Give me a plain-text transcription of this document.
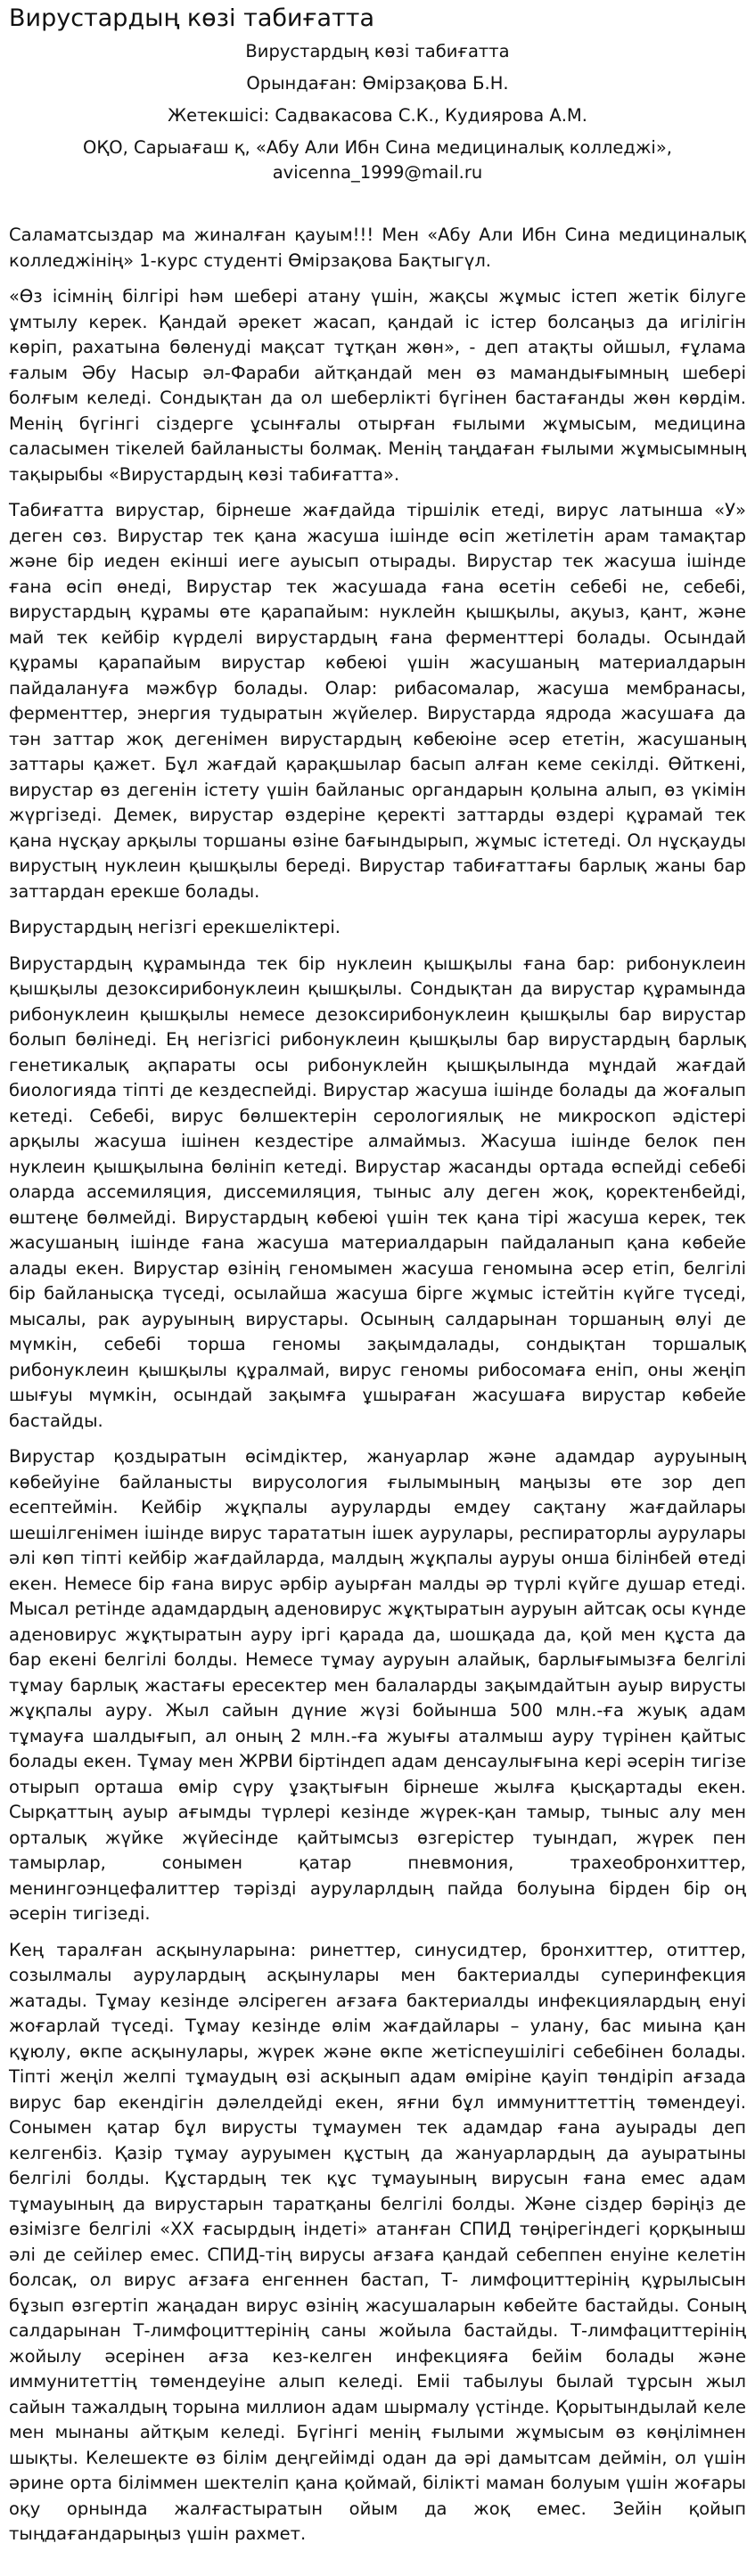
Вирустардың көзі табиғатта
Вирустардың көзі табиғатта
Орындаған: Өмірзақова Б.Н.
Жетекшісі: Садвакасова С.К., Кудиярова А.М.
ОҚО, Сарыағаш қ, «Абу Али Ибн Сина медициналық колледжі»,
avicenna_1999@mail.ru

Саламатсыздар ма жиналған қауым!!! Мен «Абу Али Ибн Сина медициналық колледжінің» 1-курс студенті Өмірзақова Бақтыгүл.

«Өз ісімнің білгірі һәм шебері атану үшін, жақсы жұмыс істеп жетік білуге ұмтылу керек. Қандай әрекет жасап, қандай іс істер болсаңыз да игілігін көріп, рахатына бөленуді мақсат тұтқан жөн», - деп атақты ойшыл, ғұлама ғалым Әбу Насыр әл-Фараби айтқандай мен өз мамандығымның шебері болғым келеді. Сондықтан да ол шеберлікті бүгінен бастағанды жөн көрдім. Менің бүгінгі сіздерге ұсынғалы отырған ғылыми жұмысым, медицина саласымен тікелей байланысты болмақ. Менің таңдаған ғылыми жұмысымның тақырыбы «Вирустардың көзі табиғатта».

Табиғатта вирустар, бірнеше жағдайда тіршілік етеді, вирус латынша «У» деген сөз. Вирустар тек қана жасуша ішінде өсіп жетілетін арам тамақтар және бір иеден екінші иеге ауысып отырады. Вирустар тек жасуша ішінде ғана өсіп өнеді, Вирустар тек жасушада ғана өсетін себебі не, себебі, вирустардың құрамы өте қарапайым: нуклейн қышқылы, ақуыз, қант, және май тек кейбір күрделі вирустардың ғана ферменттері болады. Осындай құрамы қарапайым вирустар көбеюі үшін жасушаның материалдарын пайдалануға мәжбүр болады. Олар: рибасомалар, жасуша мембранасы, ферменттер, энергия тудыратын жүйелер. Вирустарда ядрода жасушаға да тән заттар жоқ дегенімен вирустардың көбеюіне әсер ететін, жасушаның заттары қажет. Бұл жағдай қарақшылар басып алған кеме секілді. Өйткені, вирустар өз дегенін істету үшін байланыс органдарын қолына алып, өз үкімін жүргізеді. Демек, вирустар өздеріне қеректі заттарды өздері құрамай тек қана нұсқау арқылы торшаны өзіне бағындырып, жұмыс істетеді. Ол нұсқауды вирустың нуклеин қышқылы береді. Вирустар табиғаттағы барлық жаны бар заттардан ерекше болады.

Вирустардың негізгі ерекшеліктері.

Вирустардың құрамында тек бір нуклеин қышқылы ғана бар: рибонуклеин қышқылы дезоксирибонуклеин қышқылы. Сондықтан да вирустар құрамында рибонуклеин қышқылы немесе дезоксирибонуклеин қышқылы бар вирустар болып бөлінеді. Ең негізгісі рибонуклеин қышқылы бар вирустардың барлық генетикалық ақпараты осы рибонуклейн қышқылында мұндай жағдай биологияда тіпті де кездеспейді. Вирустар жасуша ішінде болады да жоғалып кетеді. Себебі, вирус бөлшектерін серологиялық не микроскоп әдістері арқылы жасуша ішінен кездестіре алмаймыз. Жасуша ішінде белок пен нуклеин қышқылына бөлініп кетеді. Вирустар жасанды ортада өспейді себебі оларда ассемиляция, диссемиляция, тыныс алу деген жоқ, қоректенбейді, өштеңе бөлмейді. Вирустардың көбеюі үшін тек қана тірі жасуша керек, тек жасушаның ішінде ғана жасуша материалдарын пайдаланып қана көбейе алады екен. Вирустар өзінің геномымен жасуша геномына әсер етіп, белгілі бір байланысқа түседі, осылайша жасуша бірге жұмыс істейтін күйге түседі, мысалы, рак ауруының вирустары. Осының салдарынан торшаның өлуі де мүмкін, себебі торша геномы зақымдалады, сондықтан торшалық рибонуклеин қышқылы құралмай, вирус геномы рибосомаға еніп, оны жеңіп шығуы мүмкін, осындай зақымға ұшыраған жасушаға вирустар көбейе бастайды.

Вирустар қоздыратын өсімдіктер, жануарлар және адамдар ауруының көбейуіне байланысты вирусология ғылымының маңызы өте зор деп есептеймін. Кейбір жұқпалы ауруларды емдеу сақтану жағдайлары шешілгенімен ішінде вирус тарататын ішек аурулары, респираторлы аурулары әлі көп тіпті кейбір жағдайларда, малдың жұқпалы ауруы онша білінбей өтеді екен. Немесе бір ғана вирус әрбір ауырған малды әр түрлі күйге душар етеді. Мысал ретінде адамдардың аденовирус жұқтыратын ауруын айтсақ осы күнде аденовирус жұқтыратын ауру іргі қарада да, шошқада да, қой мен құста да бар екені белгілі болды. Немесе тұмау ауруын алайық, барлығымызға белгілі тұмау барлық жастағы ересектер мен балаларды зақымдайтын ауыр вирусты жұқпалы ауру. Жыл сайын дүние жүзі бойынша 500 млн.-ға жуық адам тұмауға шалдығып, ал оның 2 млн.-ға жуығы аталмыш ауру түрінен қайтыс болады екен. Тұмау мен ЖРВИ біртіндеп адам денсаулығына кері әсерін тигізе отырып орташа өмір сүру ұзақтығын бірнеше жылға қысқартады екен. Сырқаттың ауыр ағымды түрлері кезінде жүрек-қан тамыр, тыныс алу мен орталық жүйке жүйесінде қайтымсыз өзгерістер туындап, жүрек пен тамырлар, сонымен қатар пневмония, трахеобронхиттер, менингоэнцефалиттер тәрізді ауруларлдың пайда болуына бірден бір оң әсерін тигізеді.

Кең таралған асқынуларына: ринеттер, синусидтер, бронхиттер, отиттер, созылмалы аурулардың асқынулары мен бактериалды суперинфекция жатады. Тұмау кезінде әлсіреген ағзаға бактериалды инфекциялардың енуі жоғарлай түседі. Тұмау кезінде өлім жағдайлары – улану, бас миына қан құюлу, өкпе асқынулары, жүрек және өкпе жетіспеушілігі себебінен болады. Тіпті жеңіл желпі тұмаудың өзі асқынып адам өміріне қауіп төндіріп ағзада вирус бар екендігін дәлелдейді екен, яғни бұл иммуниттеттің төмендеуі. Сонымен қатар бұл вирусты тұмаумен тек адамдар ғана ауырады деп келгенбіз. Қазір тұмау ауруымен құстың да жануарлардың да ауыратыны белгілі болды. Құстардың тек құс тұмауының вирусын ғана емес адам тұмауының да вирустарын таратқаны белгілі болды. Және сіздер бәріңіз де өзімізге белгілі «ХХ ғасырдың індеті» атанған СПИД төңірегіндегі қорқыныш әлі де сейілер емес. СПИД-тің вирусы ағзаға қандай себеппен енуіне келетін болсақ, ол вирус ағзаға енгеннен бастап, Т- лимфоциттерінің құрылысын бұзып өзгертіп жаңадан вирус өзінің жасушаларын көбейте бастайды. Соның салдарынан Т-лимфоциттерінің саны жойыла бастайды. Т-лимфациттерінің жойылу әсерінен ағза кез-келген инфекцияға бейім болады және иммунитеттің төмендеуіне алып келеді. Еміі табылуы былай тұрсын жыл сайын тажалдың торына миллион адам шырмалу үстінде. Қорытындылай келе мен мынаны айтқым келеді. Бүгінгі менің ғылыми жұмысым өз көңілімнен шықты. Келешекте өз білім деңгейімді одан да әрі дамытсам деймін, ол үшін әрине орта біліммен шектеліп қана қоймай, білікті маман болуым үшін жоғары оқу орнында жалғастыратын ойым да жоқ емес. Зейін қойып тыңдағандарыңыз үшін рахмет.
